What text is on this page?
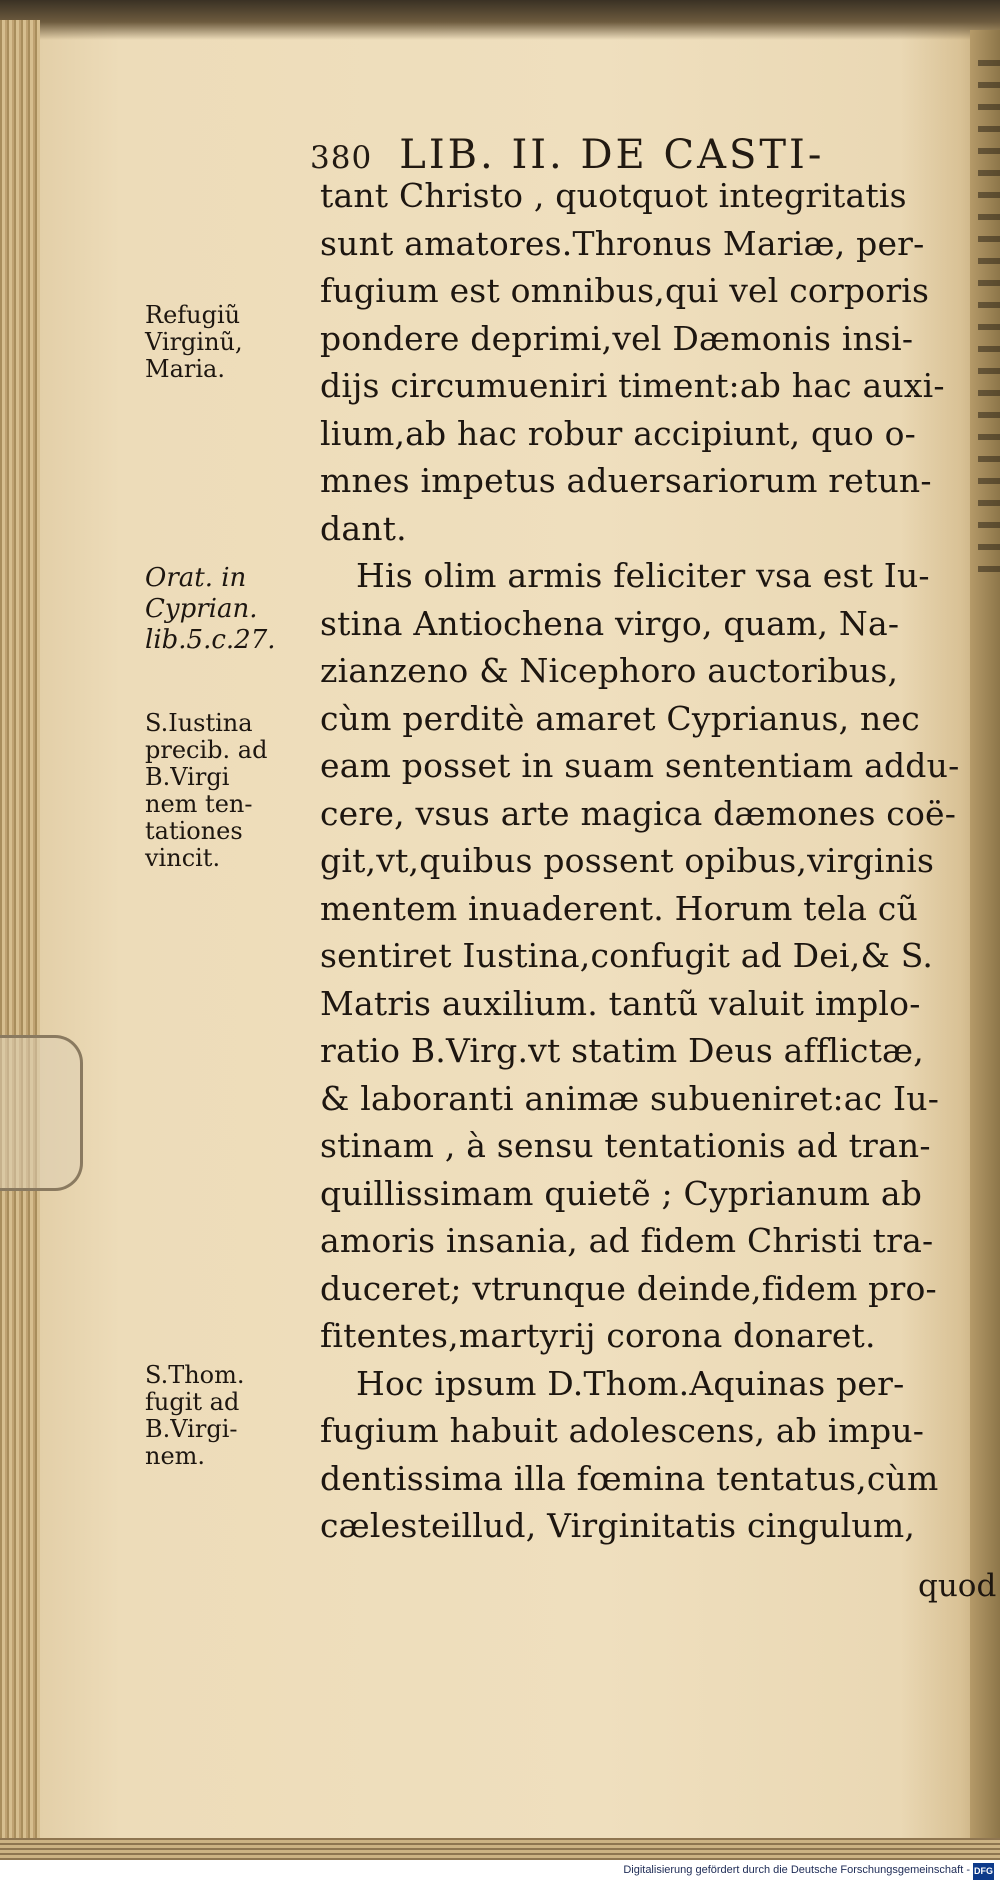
380 LIB. II. DE CASTI-
tant Christo , quotquot integritatis
sunt amatores.Thronus Mariæ, per-
fugium est omnibus,qui vel corporis
pondere deprimi,vel Dæmonis insi-
dijs circumueniri timent:ab hac auxi-
lium,ab hac robur accipiunt, quo o-
mnes impetus aduersariorum retun-
dant.
His olim armis feliciter vsa est Iu-
stina Antiochena virgo, quam, Na-
zianzeno & Nicephoro auctoribus,
cùm perditè amaret Cyprianus, nec
eam posset in suam sententiam addu-
cere, vsus arte magica dæmones coë-
git,vt,quibus possent opibus,virginis
mentem inuaderent. Horum tela cũ
sentiret Iustina,confugit ad Dei,& S.
Matris auxilium. tantũ valuit implo-
ratio B.Virg.vt statim Deus afflictæ,
& laboranti animæ subueniret:ac Iu-
stinam , à sensu tentationis ad tran-
quillissimam quietẽ ; Cyprianum ab
amoris insania, ad fidem Christi tra-
duceret; vtrunque deinde,fidem pro-
fitentes,martyrij corona donaret.
Hoc ipsum D.Thom.Aquinas per-
fugium habuit adolescens, ab impu-
dentissima illa fœmina tentatus,cùm
cælesteillud, Virginitatis cingulum,
Refugiũ
Virginũ,
Maria.
Orat. in
Cyprian.
lib.5.c.27.
S.Iustina
precib. ad
B.Virgi
nem ten-
tationes
vincit.
S.Thom.
fugit ad
B.Virgi-
nem.
quod
Digitalisierung gefördert durch die Deutsche Forschungsgemeinschaft - DFG
